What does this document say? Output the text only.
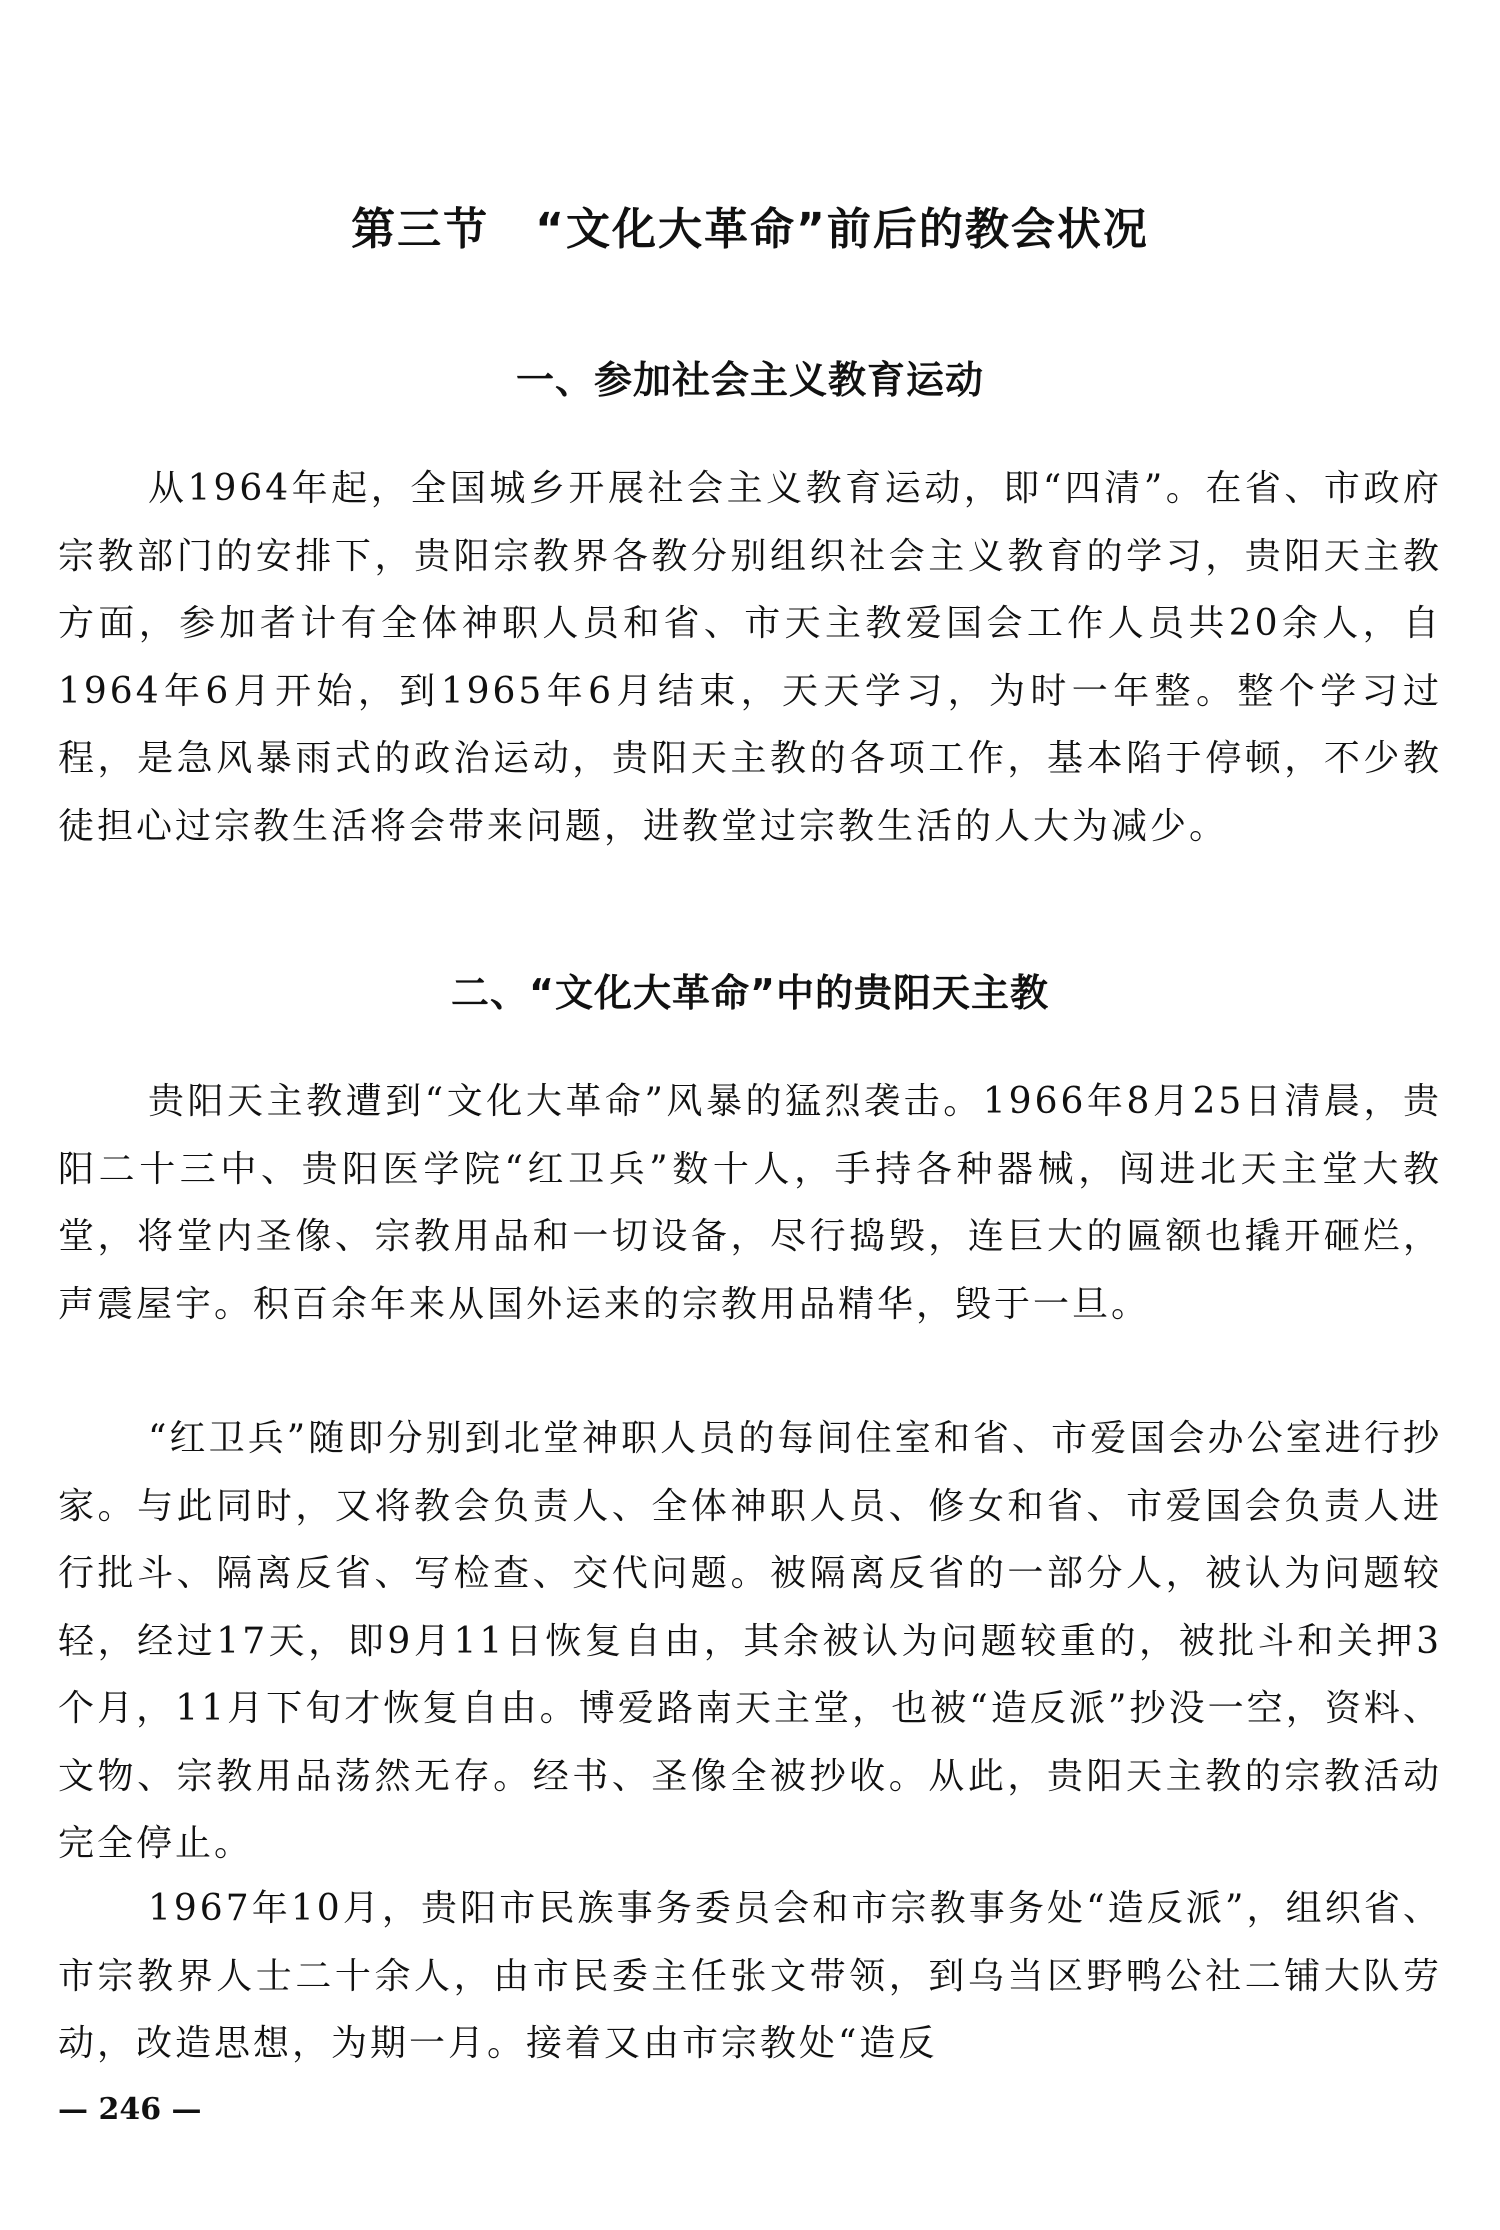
第三节　“文化大革命”前后的教会状况
一、参加社会主义教育运动

从1964年起，全国城乡开展社会主义教育运动，即“四清”。在省、市政府宗教部门的安排下，贵阳宗教界各教分别组织社会主义教育的学习，贵阳天主教方面，参加者计有全体神职人员和省、市天主教爱国会工作人员共20余人，自1964年6月开始，到1965年6月结束，天天学习，为时一年整。整个学习过程，是急风暴雨式的政治运动，贵阳天主教的各项工作，基本陷于停顿，不少教徒担心过宗教生活将会带来问题，进教堂过宗教生活的人大为减少。

二、“文化大革命”中的贵阳天主教

贵阳天主教遭到“文化大革命”风暴的猛烈袭击。1966年8月25日清晨，贵阳二十三中、贵阳医学院“红卫兵”数十人，手持各种器械，闯进北天主堂大教堂，将堂内圣像、宗教用品和一切设备，尽行捣毁，连巨大的匾额也撬开砸烂，声震屋宇。积百余年来从国外运来的宗教用品精华，毁于一旦。

“红卫兵”随即分别到北堂神职人员的每间住室和省、市爱国会办公室进行抄家。与此同时，又将教会负责人、全体神职人员、修女和省、市爱国会负责人进行批斗、隔离反省、写检查、交代问题。被隔离反省的一部分人，被认为问题较轻，经过17天，即9月11日恢复自由，其余被认为问题较重的，被批斗和关押3个月，11月下旬才恢复自由。博爱路南天主堂，也被“造反派”抄没一空，资料、文物、宗教用品荡然无存。经书、圣像全被抄收。从此，贵阳天主教的宗教活动完全停止。

1967年10月，贵阳市民族事务委员会和市宗教事务处“造反派”，组织省、市宗教界人士二十余人，由市民委主任张文带领，到乌当区野鸭公社二铺大队劳动，改造思想，为期一月。接着又由市宗教处“造反

— 246 —
